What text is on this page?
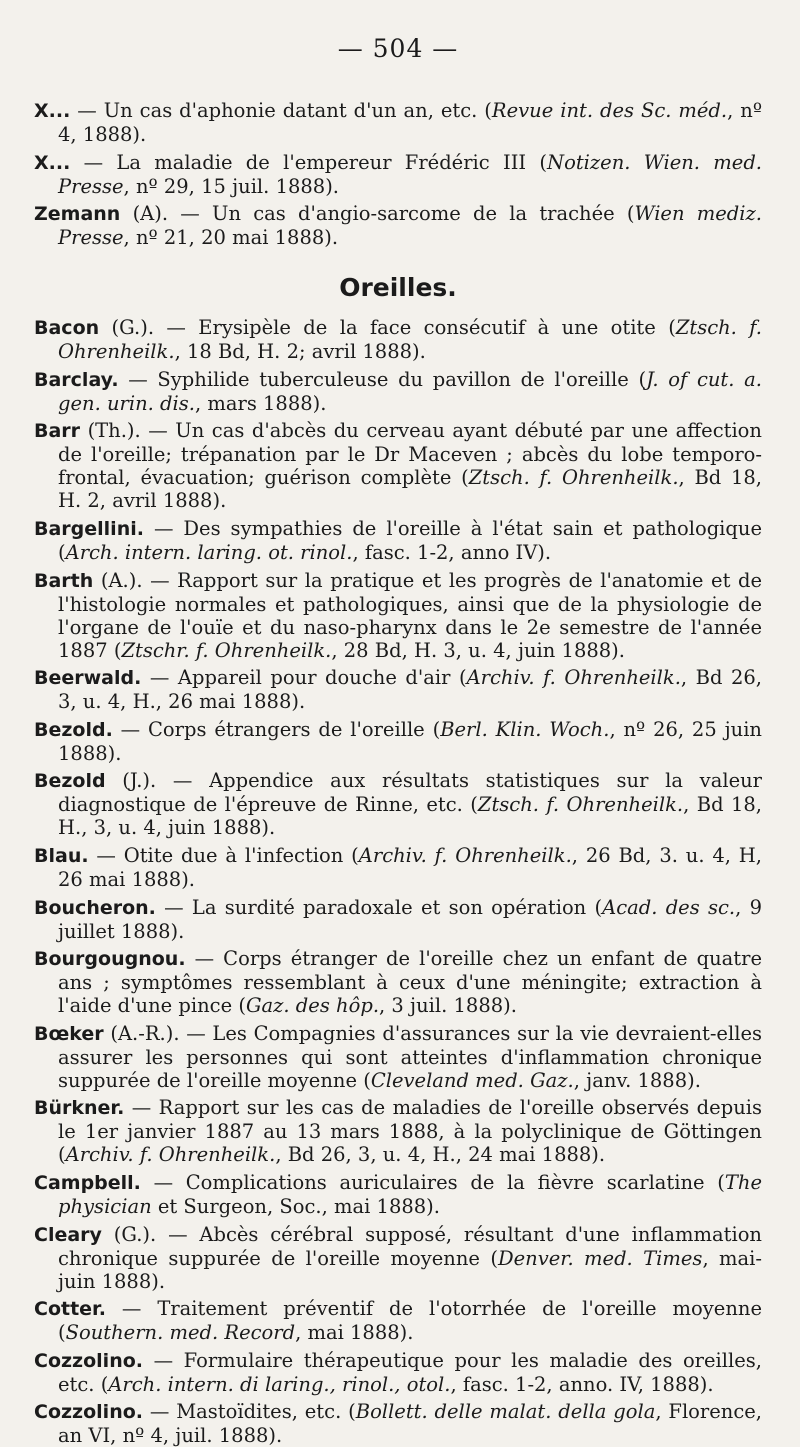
— 504 —

X... — Un cas d'aphonie datant d'un an, etc. (Revue int. des Sc. méd., nº 4, 1888).

X... — La maladie de l'empereur Frédéric III (Notizen. Wien. med. Presse, nº 29, 15 juil. 1888).

Zemann (A). — Un cas d'angio-sarcome de la trachée (Wien mediz. Presse, nº 21, 20 mai 1888).

Oreilles.

Bacon (G.). — Erysipèle de la face consécutif à une otite (Ztsch. f. Ohrenheilk., 18 Bd, H. 2; avril 1888).

Barclay. — Syphilide tuberculeuse du pavillon de l'oreille (J. of cut. a. gen. urin. dis., mars 1888).

Barr (Th.). — Un cas d'abcès du cerveau ayant débuté par une affection de l'oreille; trépanation par le Dr Maceven ; abcès du lobe temporo-frontal, évacuation; guérison complète (Ztsch. f. Ohrenheilk., Bd 18, H. 2, avril 1888).

Bargellini. — Des sympathies de l'oreille à l'état sain et pathologique (Arch. intern. laring. ot. rinol., fasc. 1-2, anno IV).

Barth (A.). — Rapport sur la pratique et les progrès de l'anatomie et de l'histologie normales et pathologiques, ainsi que de la physiologie de l'organe de l'ouïe et du naso-pharynx dans le 2e semestre de l'année 1887 (Ztschr. f. Ohrenheilk., 28 Bd, H. 3, u. 4, juin 1888).

Beerwald. — Appareil pour douche d'air (Archiv. f. Ohrenheilk., Bd 26, 3, u. 4, H., 26 mai 1888).

Bezold. — Corps étrangers de l'oreille (Berl. Klin. Woch., nº 26, 25 juin 1888).

Bezold (J.). — Appendice aux résultats statistiques sur la valeur diagnostique de l'épreuve de Rinne, etc. (Ztsch. f. Ohrenheilk., Bd 18, H., 3, u. 4, juin 1888).

Blau. — Otite due à l'infection (Archiv. f. Ohrenheilk., 26 Bd, 3. u. 4, H, 26 mai 1888).

Boucheron. — La surdité paradoxale et son opération (Acad. des sc., 9 juillet 1888).

Bourgougnou. — Corps étranger de l'oreille chez un enfant de quatre ans ; symptômes ressemblant à ceux d'une méningite; extraction à l'aide d'une pince (Gaz. des hôp., 3 juil. 1888).

Bœker (A.-R.). — Les Compagnies d'assurances sur la vie devraient-elles assurer les personnes qui sont atteintes d'inflammation chronique suppurée de l'oreille moyenne (Cleveland med. Gaz., janv. 1888).

Bürkner. — Rapport sur les cas de maladies de l'oreille observés depuis le 1er janvier 1887 au 13 mars 1888, à la polyclinique de Göttingen (Archiv. f. Ohrenheilk., Bd 26, 3, u. 4, H., 24 mai 1888).

Campbell. — Complications auriculaires de la fièvre scarlatine (The physician et Surgeon, Soc., mai 1888).

Cleary (G.). — Abcès cérébral supposé, résultant d'une inflammation chronique suppurée de l'oreille moyenne (Denver. med. Times, mai-juin 1888).

Cotter. — Traitement préventif de l'otorrhée de l'oreille moyenne (Southern. med. Record, mai 1888).

Cozzolino. — Formulaire thérapeutique pour les maladie des oreilles, etc. (Arch. intern. di laring., rinol., otol., fasc. 1-2, anno. IV, 1888).

Cozzolino. — Mastoïdites, etc. (Bollett. delle malat. della gola, Florence, an VI, nº 4, juil. 1888).
